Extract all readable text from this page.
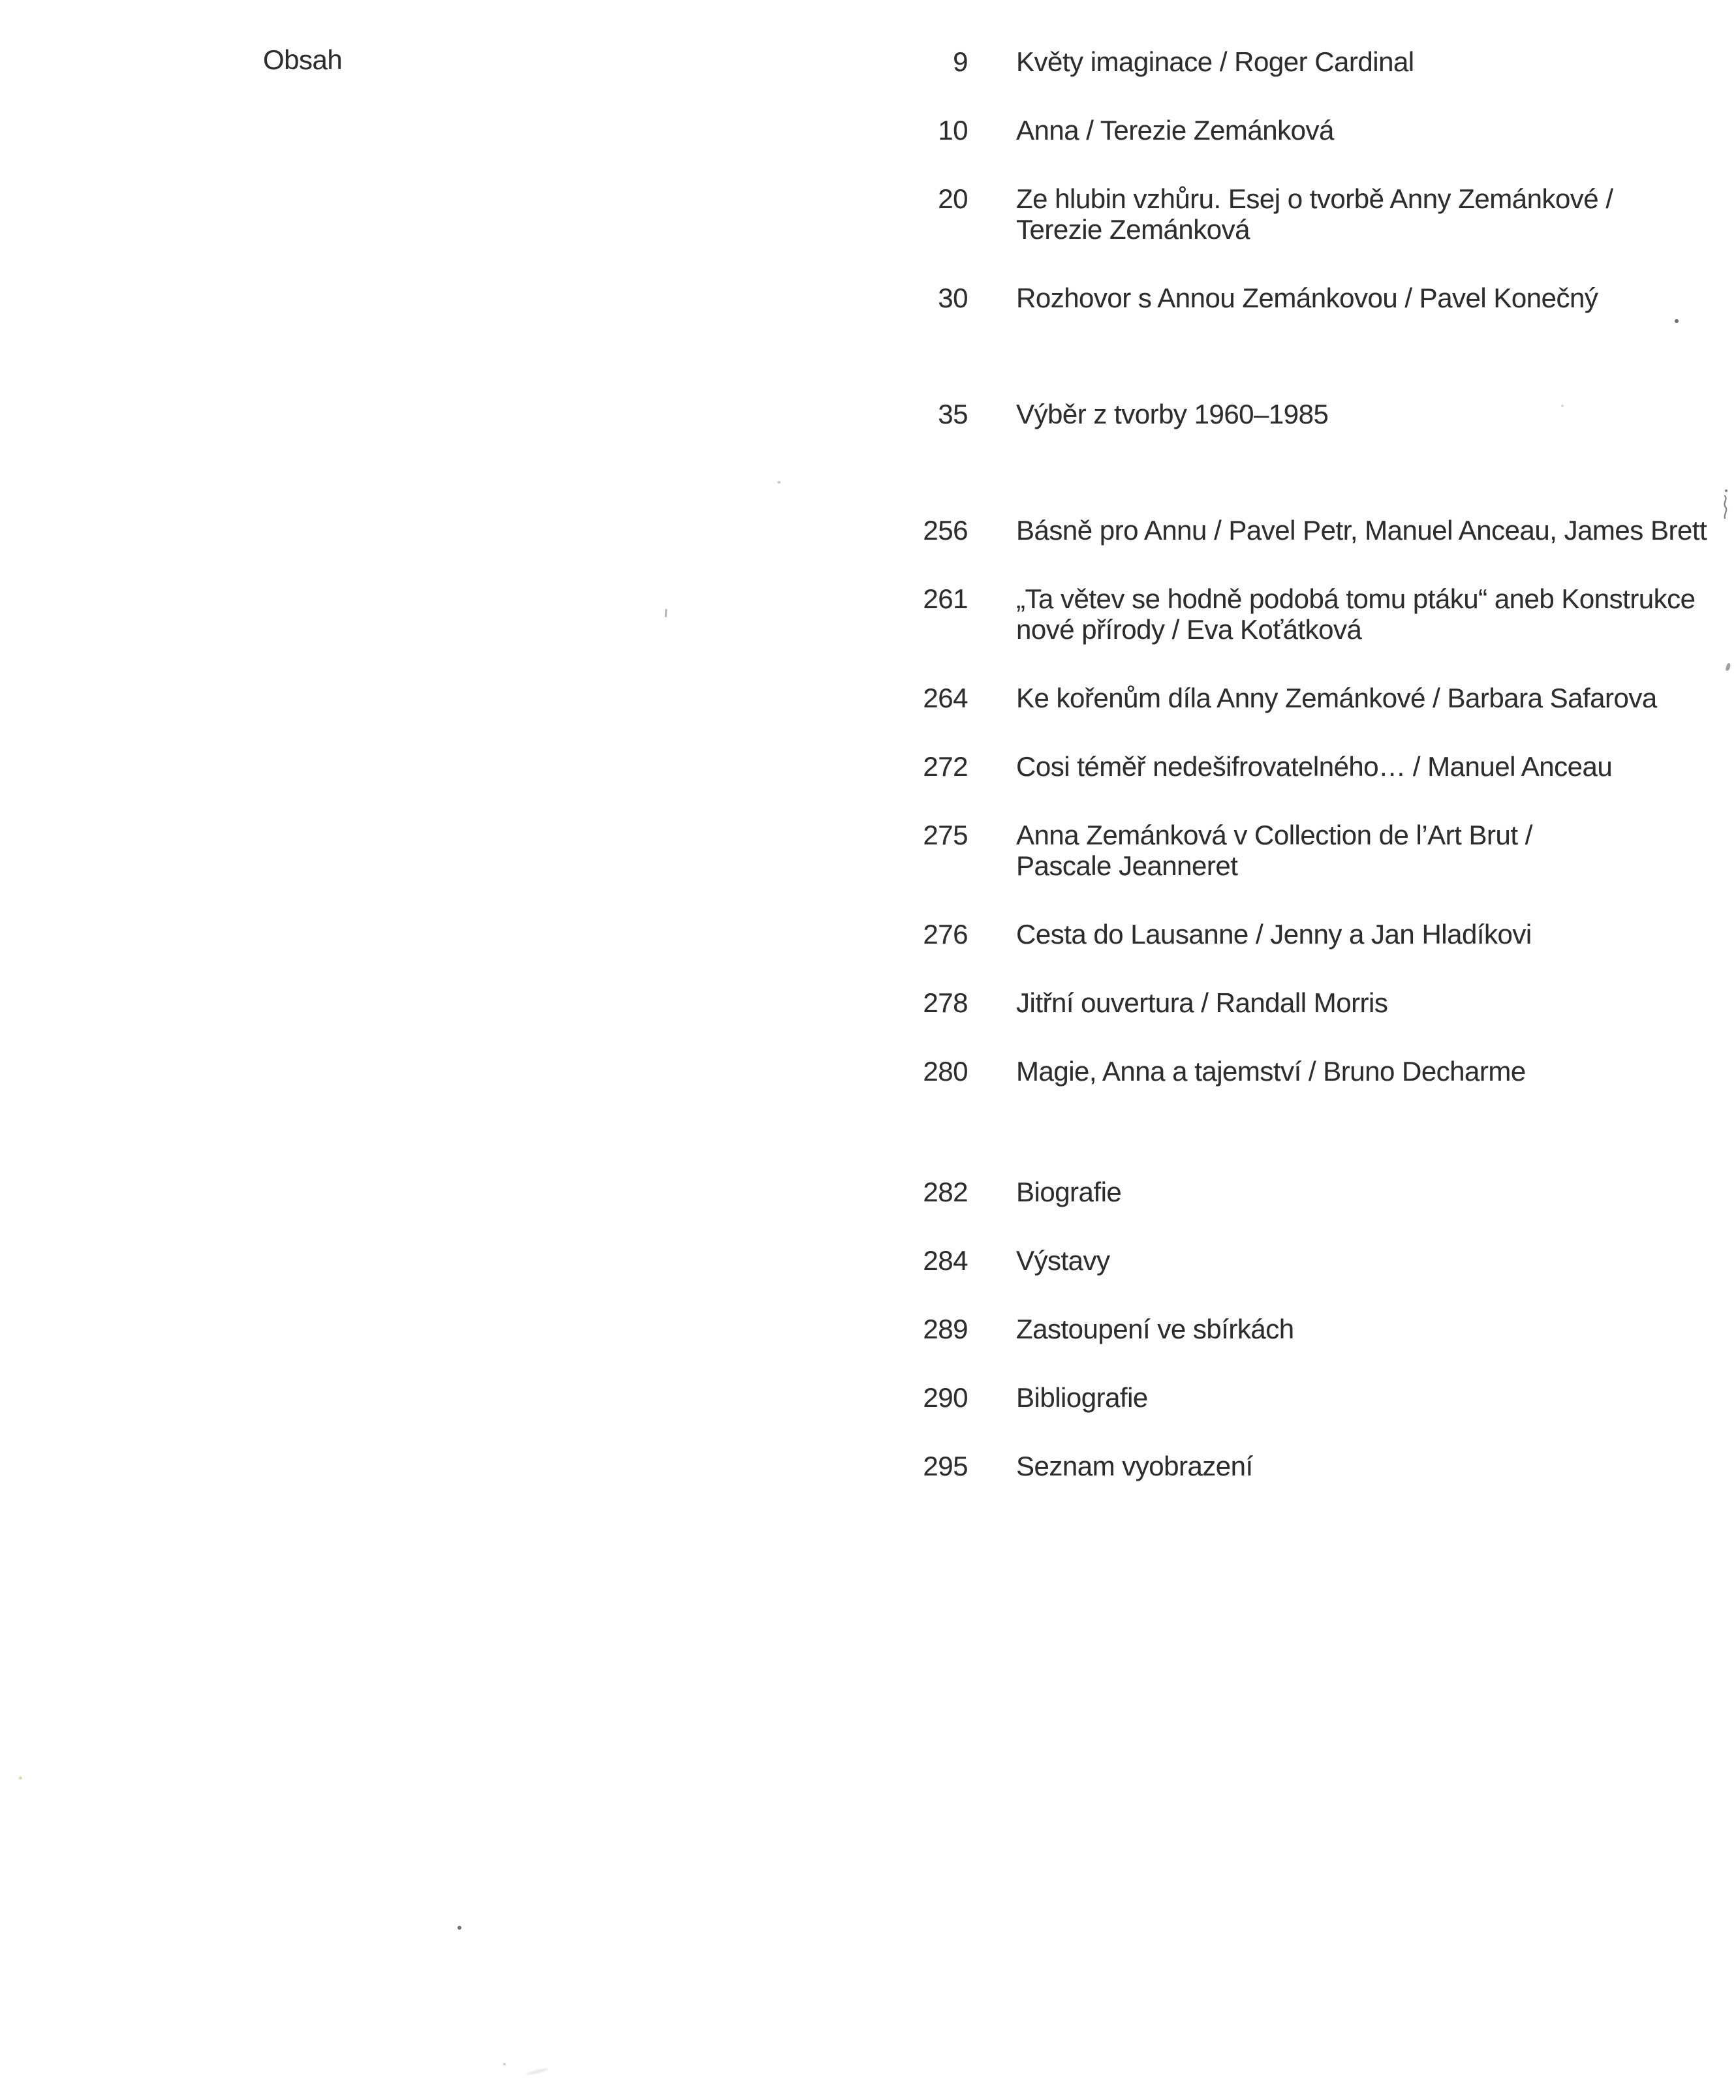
Obsah	9 Květy imaginace / Roger Cardinal
10 Anna / Terezie Zemánková
20 Ze hlubin vzhůru. Esej o tvorbě Anny Zemánkové /
Terezie Zemánková
30 Rozhovor s Annou Zemánkovou / Pavel Konečný
35 Výběr z tvorby 1960–1985
256 Básně pro Annu / Pavel Petr, Manuel Anceau, James Brett
261 „Ta větev se hodně podobá tomu ptáku“ aneb Konstrukce
nové přírody / Eva Koťátková
264 Ke kořenům díla Anny Zemánkové / Barbara Safarova
272 Cosi téměř nedešifrovatelného… / Manuel Anceau
275 Anna Zemánková v Collection de l’Art Brut /
Pascale Jeanneret
276 Cesta do Lausanne / Jenny a Jan Hladíkovi
278 Jitřní ouvertura / Randall Morris
280 Magie, Anna a tajemství / Bruno Decharme
282 Biografie
284 Výstavy
289 Zastoupení ve sbírkách
290 Bibliografie
295 Seznam vyobrazení
